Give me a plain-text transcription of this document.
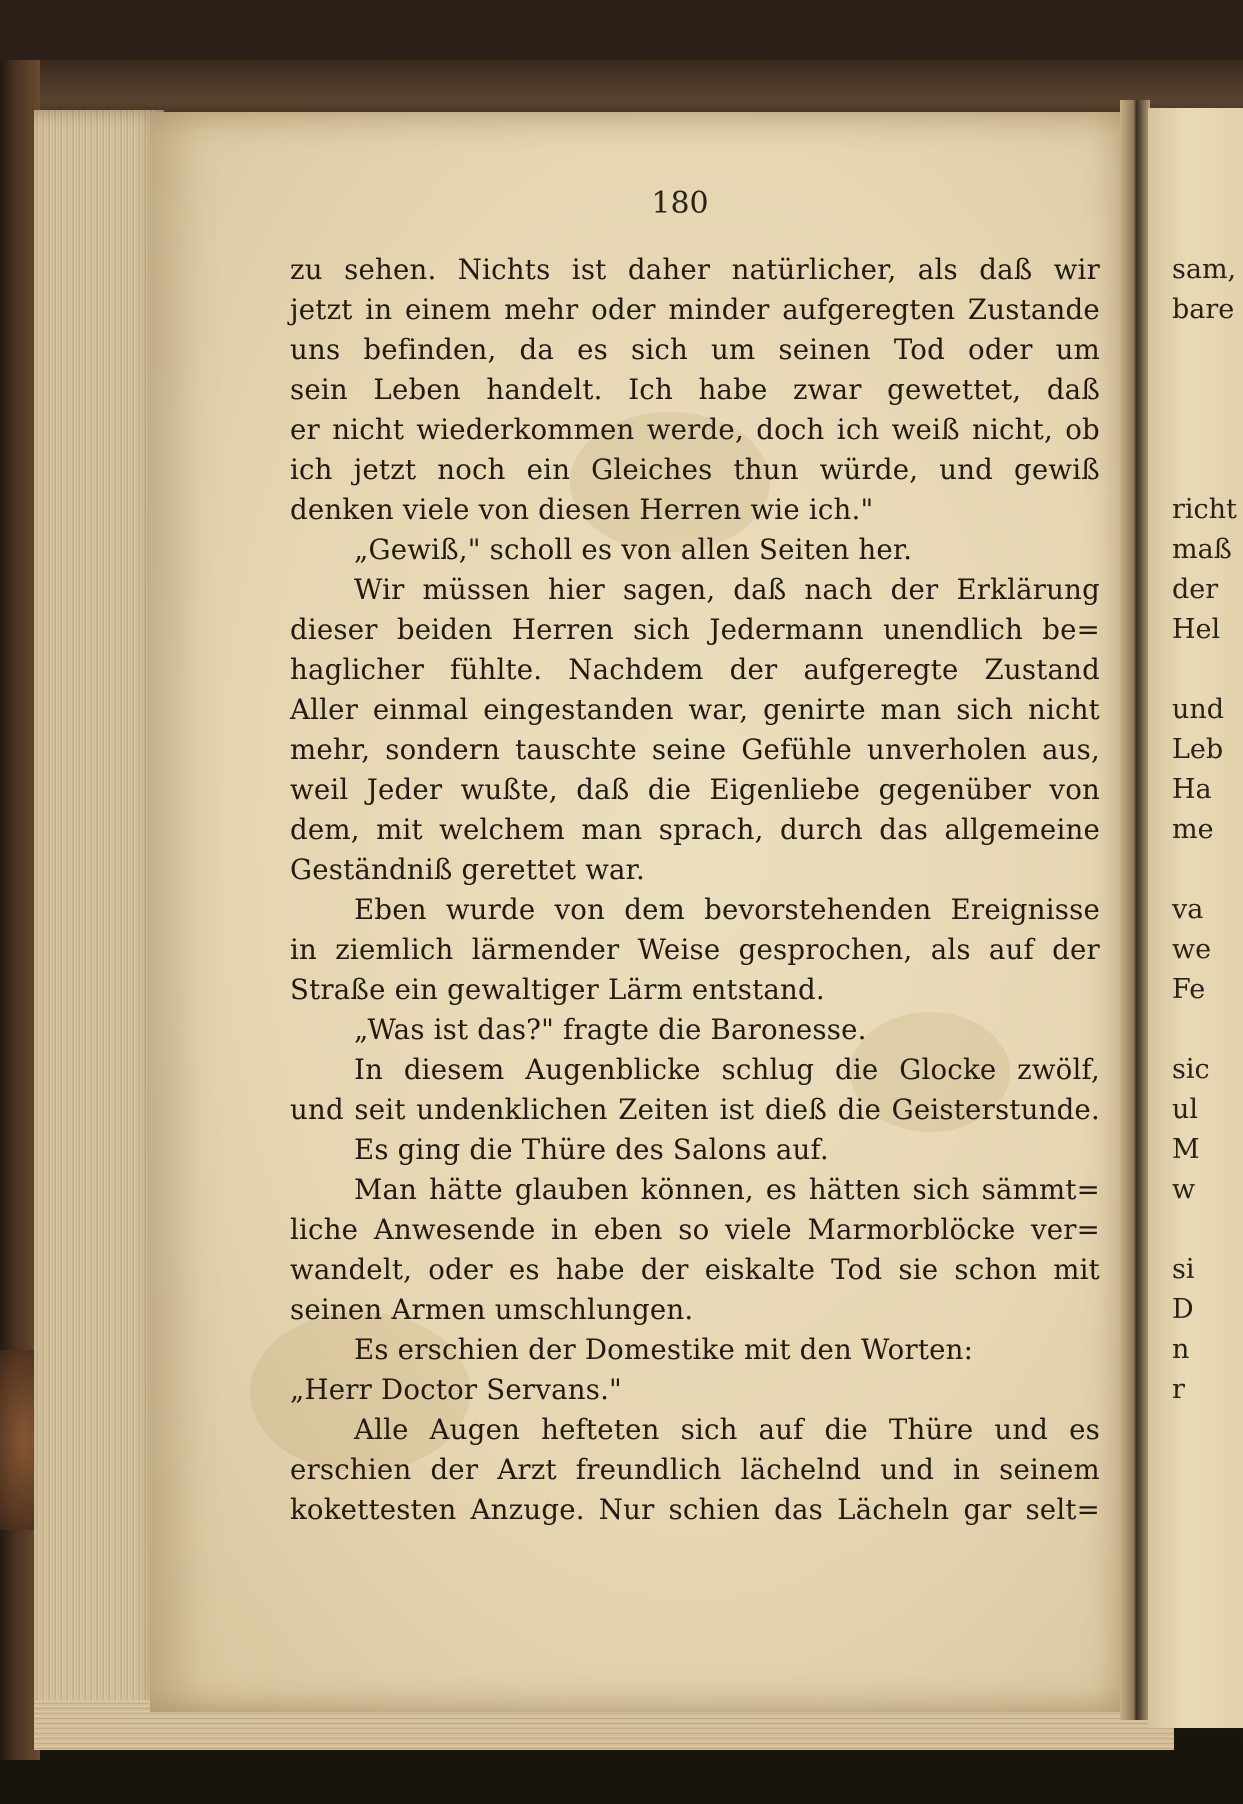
180
zu sehen. Nichts ist daher natürlicher, als daß wir
jetzt in einem mehr oder minder aufgeregten Zustande
uns befinden, da es sich um seinen Tod oder um
sein Leben handelt. Ich habe zwar gewettet, daß
er nicht wiederkommen werde, doch ich weiß nicht, ob
ich jetzt noch ein Gleiches thun würde, und gewiß
denken viele von diesen Herren wie ich."
„Gewiß," scholl es von allen Seiten her.
Wir müssen hier sagen, daß nach der Erklärung
dieser beiden Herren sich Jedermann unendlich be=
haglicher fühlte. Nachdem der aufgeregte Zustand
Aller einmal eingestanden war, genirte man sich nicht
mehr, sondern tauschte seine Gefühle unverholen aus,
weil Jeder wußte, daß die Eigenliebe gegenüber von
dem, mit welchem man sprach, durch das allgemeine
Geständniß gerettet war.
Eben wurde von dem bevorstehenden Ereignisse
in ziemlich lärmender Weise gesprochen, als auf der
Straße ein gewaltiger Lärm entstand.
„Was ist das?" fragte die Baronesse.
In diesem Augenblicke schlug die Glocke zwölf,
und seit undenklichen Zeiten ist dieß die Geisterstunde.
Es ging die Thüre des Salons auf.
Man hätte glauben können, es hätten sich sämmt=
liche Anwesende in eben so viele Marmorblöcke ver=
wandelt, oder es habe der eiskalte Tod sie schon mit
seinen Armen umschlungen.
Es erschien der Domestike mit den Worten:
„Herr Doctor Servans."
Alle Augen hefteten sich auf die Thüre und es
erschien der Arzt freundlich lächelnd und in seinem
kokettesten Anzuge. Nur schien das Lächeln gar selt=
sam,
bare
richt
maß
der
Hel
und
Leb
Ha
me
va
we
Fe
sic
ul
M
w
si
D
n
r
